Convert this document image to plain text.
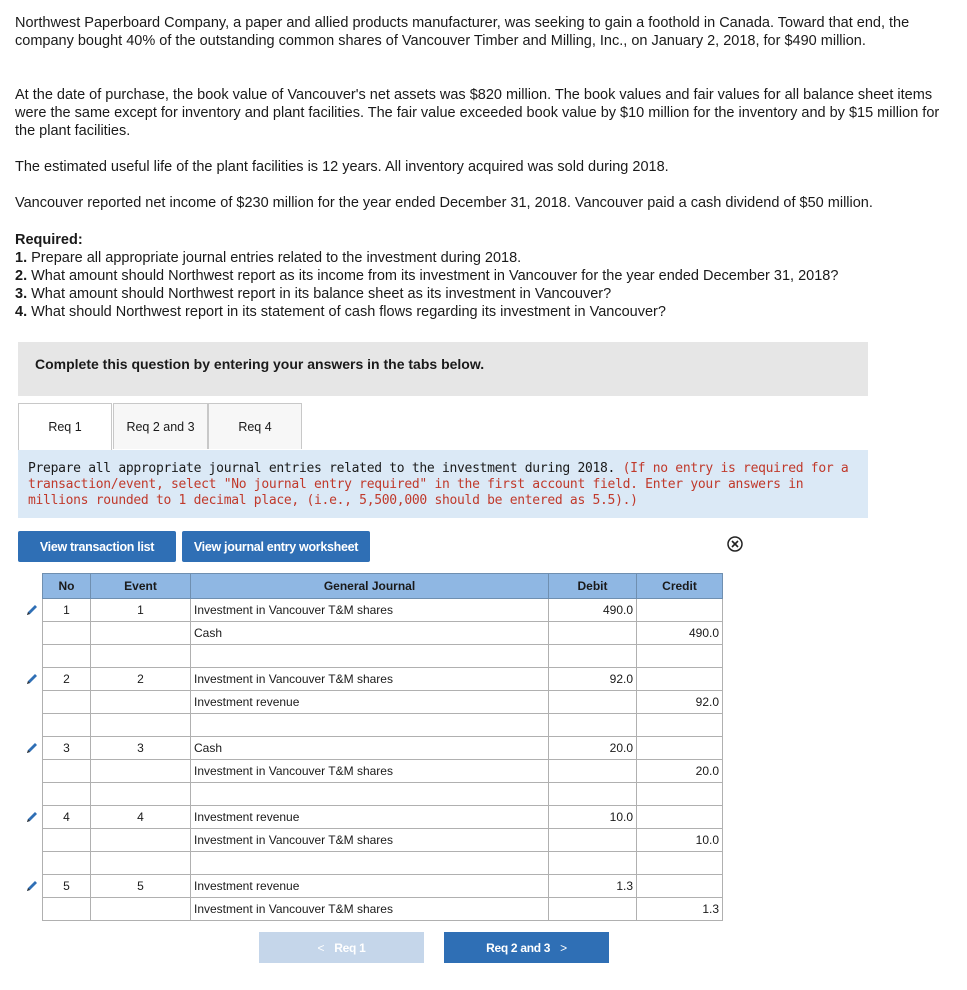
Northwest Paperboard Company, a paper and allied products manufacturer, was seeking to gain a foothold in Canada. Toward that end, the company bought 40% of the outstanding common shares of Vancouver Timber and Milling, Inc., on January 2, 2018, for $490 million.

At the date of purchase, the book value of Vancouver's net assets was $820 million. The book values and fair values for all balance sheet items were the same except for inventory and plant facilities. The fair value exceeded book value by $10 million for the inventory and by $15 million for the plant facilities.

The estimated useful life of the plant facilities is 12 years. All inventory acquired was sold during 2018.

Vancouver reported net income of $230 million for the year ended December 31, 2018. Vancouver paid a cash dividend of $50 million.

Required:
1. Prepare all appropriate journal entries related to the investment during 2018.
2. What amount should Northwest report as its income from its investment in Vancouver for the year ended December 31, 2018?
3. What amount should Northwest report in its balance sheet as its investment in Vancouver?
4. What should Northwest report in its statement of cash flows regarding its investment in Vancouver?
Complete this question by entering your answers in the tabs below.
Req 1	Req 2 and 3	Req 4
Prepare all appropriate journal entries related to the investment during 2018. (If no entry is required for a transaction/event, select "No journal entry required" in the first account field. Enter your answers in millions rounded to 1 decimal place, (i.e., 5,500,000 should be entered as 5.5).)
View transaction list	View journal entry worksheet
No	Event	General Journal	Debit	Credit
1	1	Investment in Vancouver T&M shares	490.0	
		Cash		490.0

2	2	Investment in Vancouver T&M shares	92.0	
		Investment revenue		92.0

3	3	Cash	20.0	
		Investment in Vancouver T&M shares		20.0

4	4	Investment revenue	10.0	
		Investment in Vancouver T&M shares		10.0

5	5	Investment revenue	1.3	
		Investment in Vancouver T&M shares		1.3
< Req 1	Req 2 and 3 >
